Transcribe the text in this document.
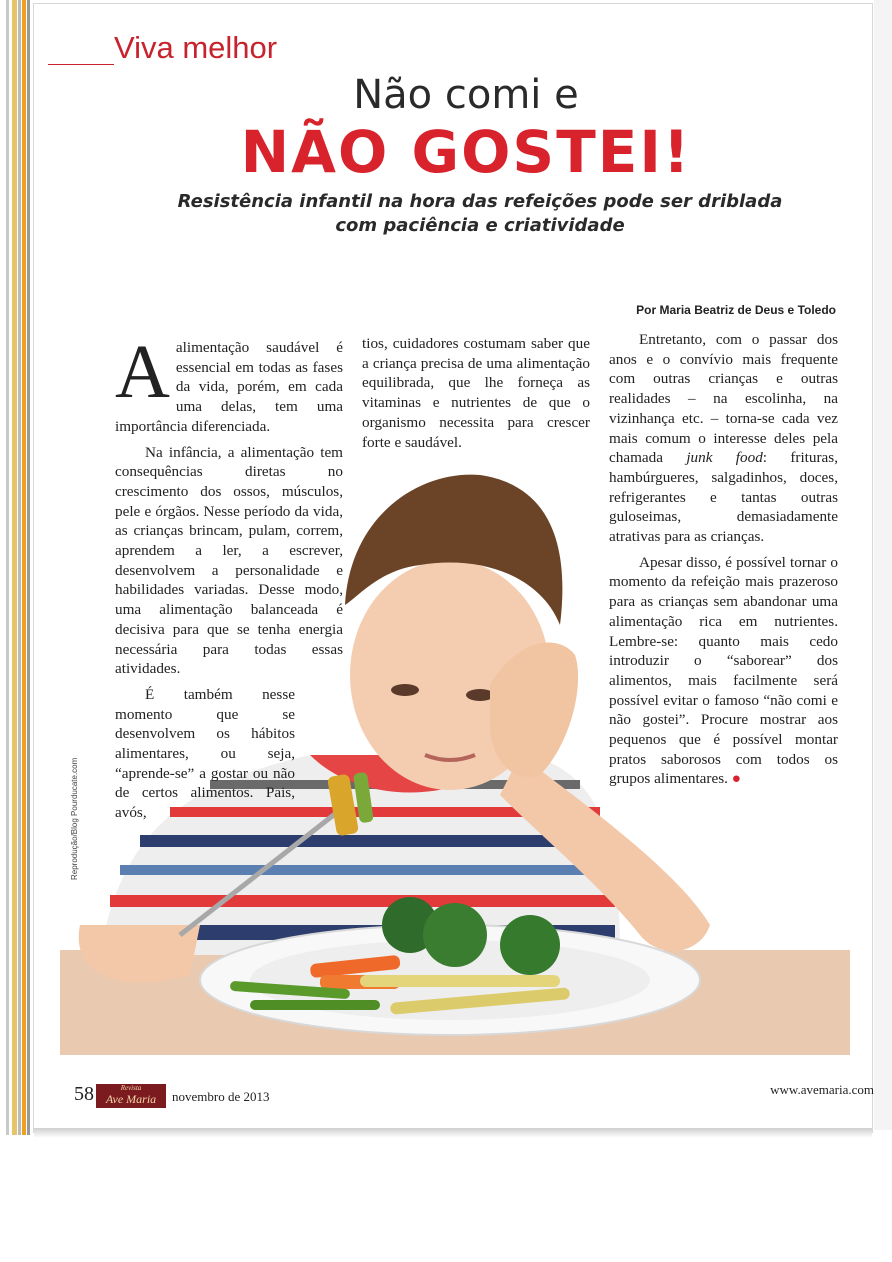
Viva melhor
Não comi e
NÃO GOSTEI!
Resistência infantil na hora das refeições pode ser driblada com paciência e criatividade
Por Maria Beatriz de Deus e Toledo

Aalimentação saudável é essencial em todas as fases da vida, porém, em cada uma delas, tem uma importância diferenciada.

Na infância, a alimentação tem consequências diretas no crescimento dos ossos, músculos, pele e órgãos. Nesse período da vida, as crianças brincam, pulam, correm, aprendem a ler, a escrever, desenvolvem a personalidade e habilidades variadas. Desse modo, uma alimentação balanceada é decisiva para que se tenha energia necessária para todas essas atividades.

É também nesse momento que se desenvolvem os hábitos alimentares, ou seja, “aprende-se” a gostar ou não de certos alimentos. Pais, avós,

tios, cuidadores costumam saber que a criança precisa de uma alimentação equilibrada, que lhe forneça as vitaminas e nutrientes de que o organismo necessita para crescer forte e saudável.

Entretanto, com o passar dos anos e o convívio mais frequente com outras crianças e outras realidades – na escolinha, na vizinhança etc. – torna-se cada vez mais comum o interesse deles pela chamada junk food: frituras, hambúrgueres, salgadinhos, doces, refrigerantes e tantas outras guloseimas, demasiadamente atrativas para as crianças.

Apesar disso, é possível tornar o momento da refeição mais prazeroso para as crianças sem abandonar uma alimentação rica em nutrientes. Lembre-se: quanto mais cedo introduzir o “saborear” dos alimentos, mais facilmente será possível evitar o famoso “não comi e não gostei”. Procure mostrar aos pequenos que é possível montar pratos saborosos com todos os grupos alimentares. ●

Reprodução/Blog Pourducate.com
58	Revista
Ave Maria	novembro de 2013	www.avemaria.com
